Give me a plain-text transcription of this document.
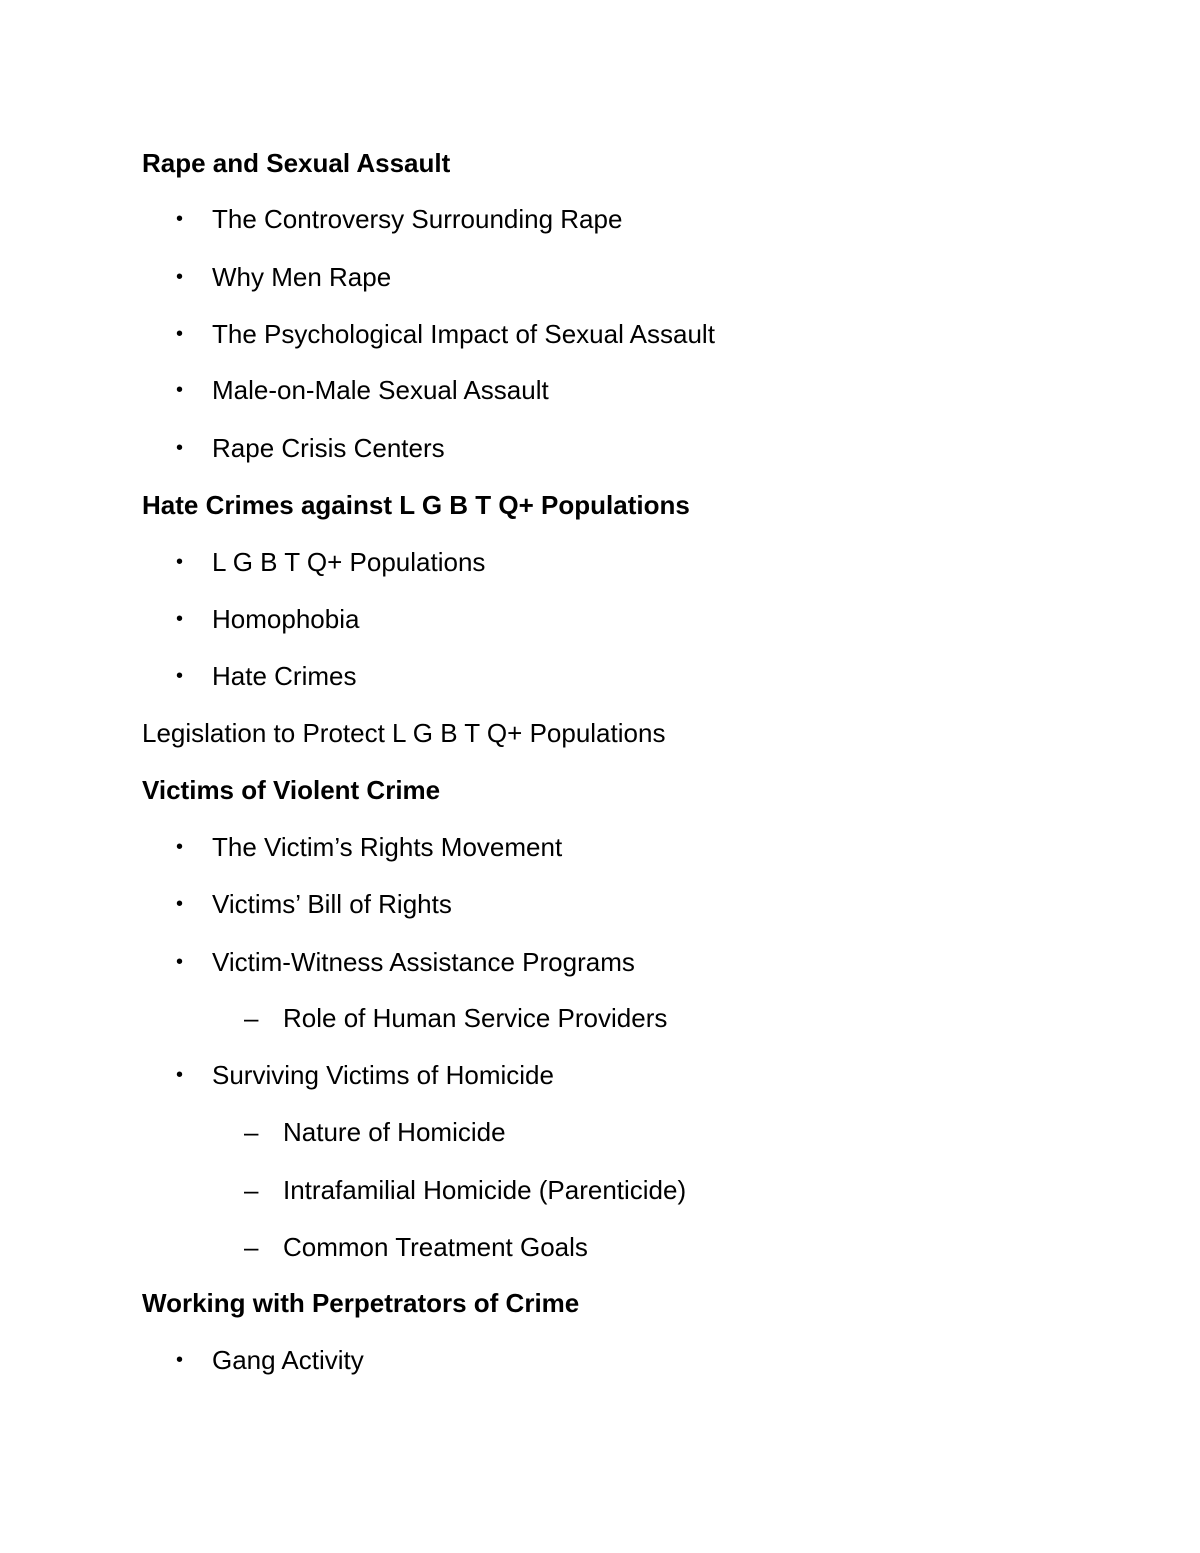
Rape and Sexual Assault
•	The Controversy Surrounding Rape
•	Why Men Rape
•	The Psychological Impact of Sexual Assault
•	Male-on-Male Sexual Assault
•	Rape Crisis Centers
Hate Crimes against L G B T Q+ Populations
•	L G B T Q+ Populations
•	Homophobia
•	Hate Crimes
Legislation to Protect L G B T Q+ Populations
Victims of Violent Crime
•	The Victim’s Rights Movement
•	Victims’ Bill of Rights
•	Victim-Witness Assistance Programs
– Role of Human Service Providers
•	Surviving Victims of Homicide
– Nature of Homicide
– Intrafamilial Homicide (Parenticide)
– Common Treatment Goals
Working with Perpetrators of Crime
•	Gang Activity
